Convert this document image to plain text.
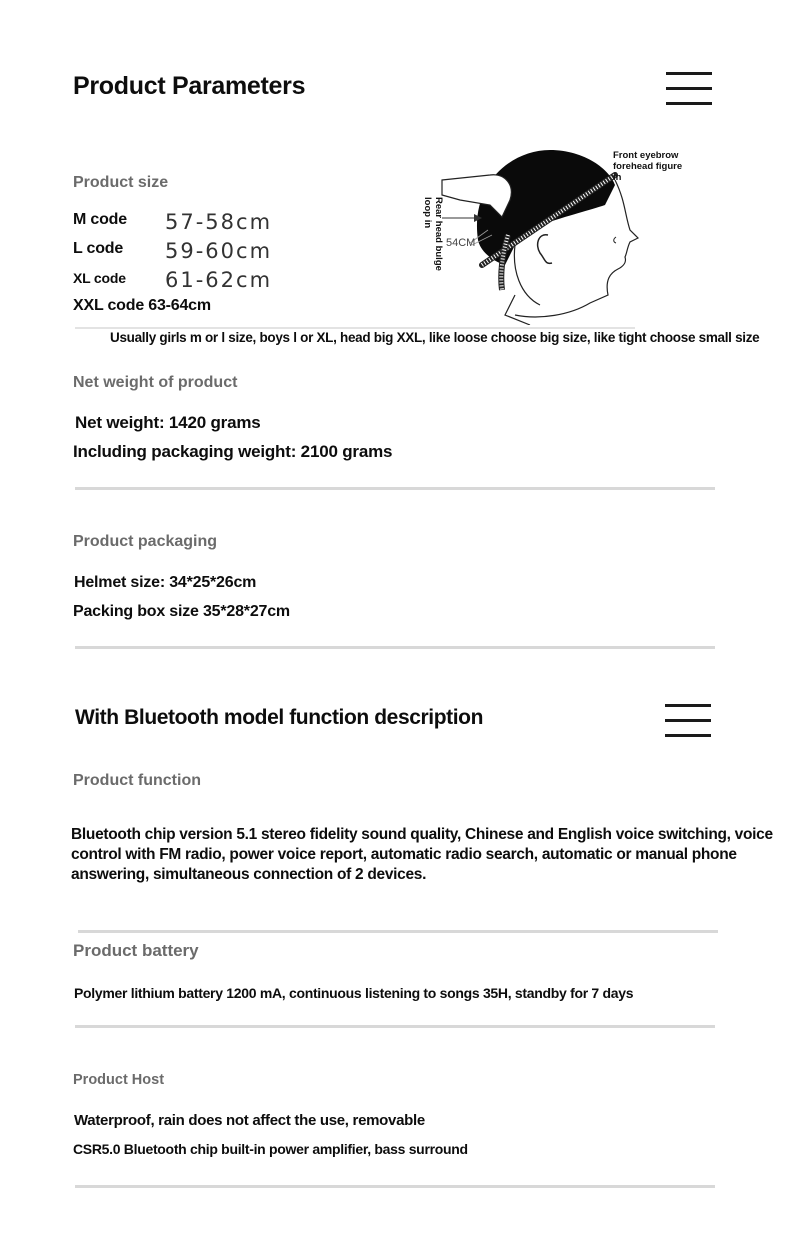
Product Parameters
Product size
M code 57-58cm
L code 59-60cm
XL code 61-62cm
XXL code 63-64cm
Usually girls m or l size, boys l or XL, head big XXL, like loose choose big size, like tight choose small size
54CM
Front eyebrow forehead figure in
Rear head bulge loop in
Net weight of product
Net weight: 1420 grams
Including packaging weight: 2100 grams
Product packaging
Helmet size: 34*25*26cm
Packing box size 35*28*27cm
With Bluetooth model function description
Product function
Bluetooth chip version 5.1 stereo fidelity sound quality, Chinese and English voice switching, voice control with FM radio, power voice report, automatic radio search, automatic or manual phone answering, simultaneous connection of 2 devices.
Product battery
Polymer lithium battery 1200 mA, continuous listening to songs 35H, standby for 7 days
Product Host
Waterproof, rain does not affect the use, removable
CSR5.0 Bluetooth chip built-in power amplifier, bass surround
